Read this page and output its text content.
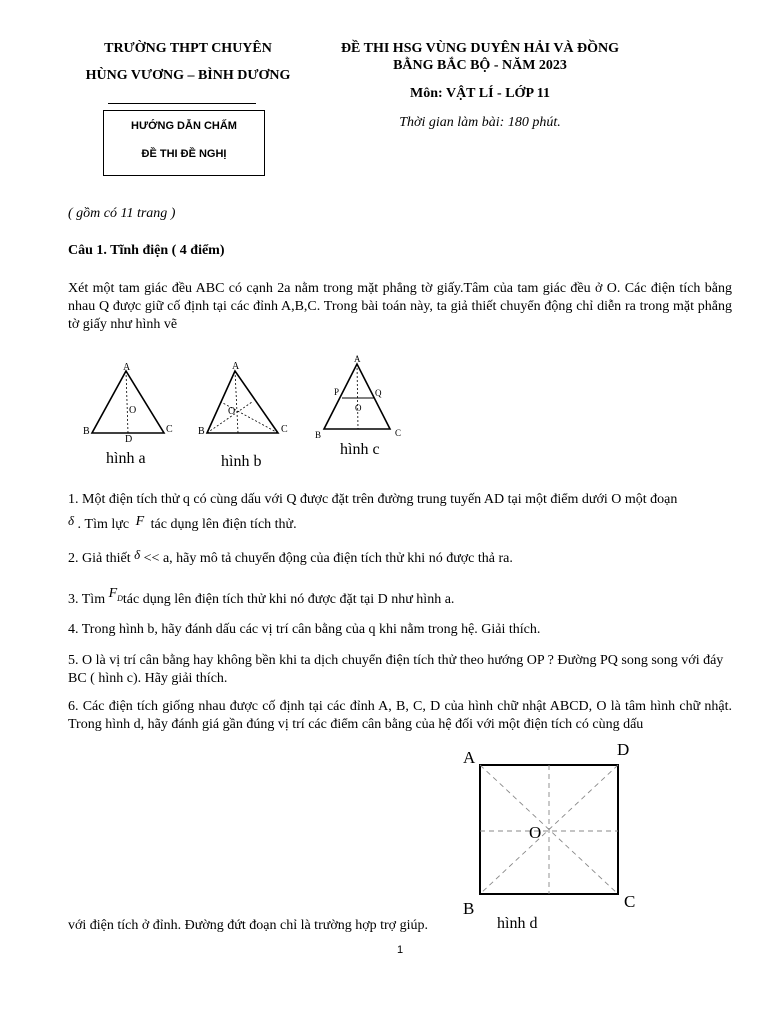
TRƯỜNG THPT CHUYÊN
HÙNG VƯƠNG – BÌNH DƯƠNG
HƯỚNG DẪN CHẤM
ĐỀ THI ĐỀ NGHỊ
ĐỀ THI HSG VÙNG DUYÊN HẢI VÀ ĐỒNG
BẰNG BẮC BỘ - NĂM 2023
Môn: VẬT LÍ - LỚP 11
Thời gian làm bài: 180 phút.
( gồm có 11 trang )
Câu 1. Tĩnh điện ( 4 điểm)
Xét một tam giác đều ABC có cạnh 2a nằm trong mặt phẳng tờ giấy.Tâm của tam giác đều ở O. Các điện tích bằng nhau Q được giữ cố định tại các đỉnh A,B,C. Trong bài toán này, ta giả thiết chuyển động chỉ diễn ra trong mặt phẳng tờ giấy như hình vẽ
A
B	C
D
O
hình a
A
B	C
O
hình b
A
P	Q
O
B	C
hình c
1. Một điện tích thử q có cùng dấu với Q được đặt trên đường trung tuyến AD tại một điểm dưới O một đoạn
δ . Tìm lực F tác dụng lên điện tích thử.
2. Giả thiết δ << a, hãy mô tả chuyển động của điện tích thử khi nó được thả ra.
3. Tìm $F_Dtác$ dụng lên điện tích thử khi nó được đặt tại D như hình a.
4. Trong hình b, hãy đánh dấu các vị trí cân bằng của q khi nằm trong hệ. Giải thích.
5. O là vị trí cân bằng hay không bền khi ta dịch chuyển điện tích thử theo hướng OP ? Đường PQ song song với đáy BC ( hình c). Hãy giải thích.
6. Các điện tích giống nhau được cố định tại các đỉnh A, B, C, D của hình chữ nhật ABCD, O là tâm hình chữ nhật. Trong hình d, hãy đánh giá gần đúng vị trí các điểm cân bằng của hệ đối với một điện tích có cùng dấu
A	D
B	C
O
hình d
với điện tích ở đỉnh. Đường đứt đoạn chỉ là trường hợp trợ giúp.
1
